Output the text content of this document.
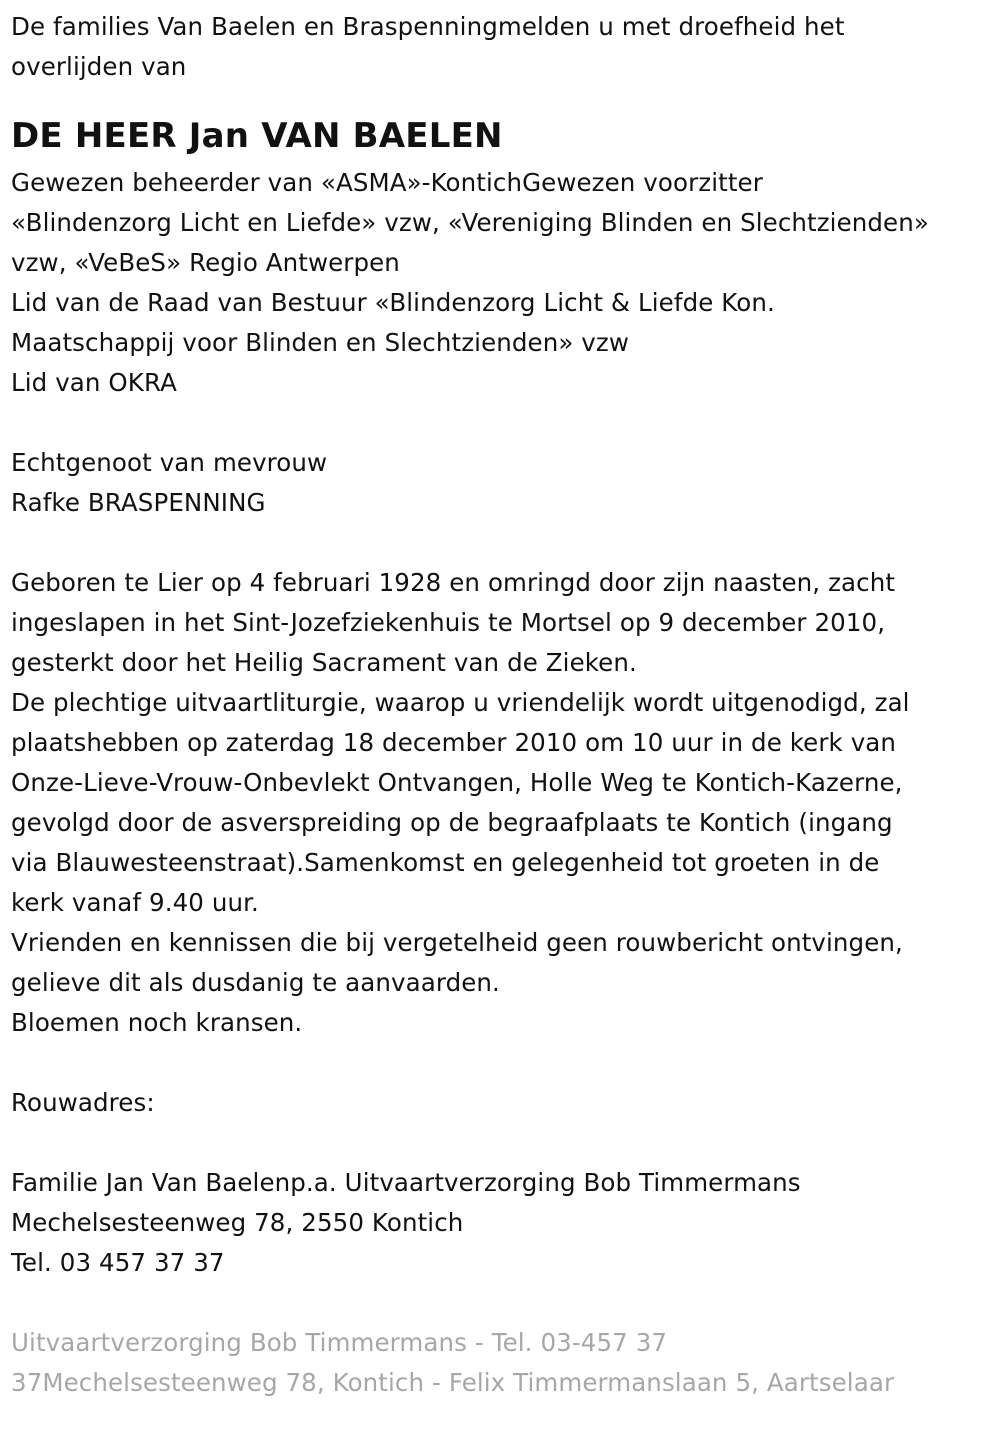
De families Van Baelen en Braspenningmelden u met droefheid het
overlijden van
DE HEER Jan VAN BAELEN
Gewezen beheerder van «ASMA»-KontichGewezen voorzitter
«Blindenzorg Licht en Liefde» vzw, «Vereniging Blinden en Slechtzienden»
vzw, «VeBeS» Regio Antwerpen
Lid van de Raad van Bestuur «Blindenzorg Licht & Liefde Kon.
Maatschappij voor Blinden en Slechtzienden» vzw
Lid van OKRA
Echtgenoot van mevrouw
Rafke BRASPENNING
Geboren te Lier op 4 februari 1928 en omringd door zijn naasten, zacht
ingeslapen in het Sint-Jozefziekenhuis te Mortsel op 9 december 2010,
gesterkt door het Heilig Sacrament van de Zieken.
De plechtige uitvaartliturgie, waarop u vriendelijk wordt uitgenodigd, zal
plaatshebben op zaterdag 18 december 2010 om 10 uur in de kerk van
Onze-Lieve-Vrouw-Onbevlekt Ontvangen, Holle Weg te Kontich-Kazerne,
gevolgd door de asverspreiding op de begraafplaats te Kontich (ingang
via Blauwesteenstraat).Samenkomst en gelegenheid tot groeten in de
kerk vanaf 9.40 uur.
Vrienden en kennissen die bij vergetelheid geen rouwbericht ontvingen,
gelieve dit als dusdanig te aanvaarden.
Bloemen noch kransen.
Rouwadres:
Familie Jan Van Baelenp.a. Uitvaartverzorging Bob Timmermans
Mechelsesteenweg 78, 2550 Kontich
Tel. 03 457 37 37
Uitvaartverzorging Bob Timmermans - Tel. 03-457 37
37Mechelsesteenweg 78, Kontich - Felix Timmermanslaan 5, Aartselaar
